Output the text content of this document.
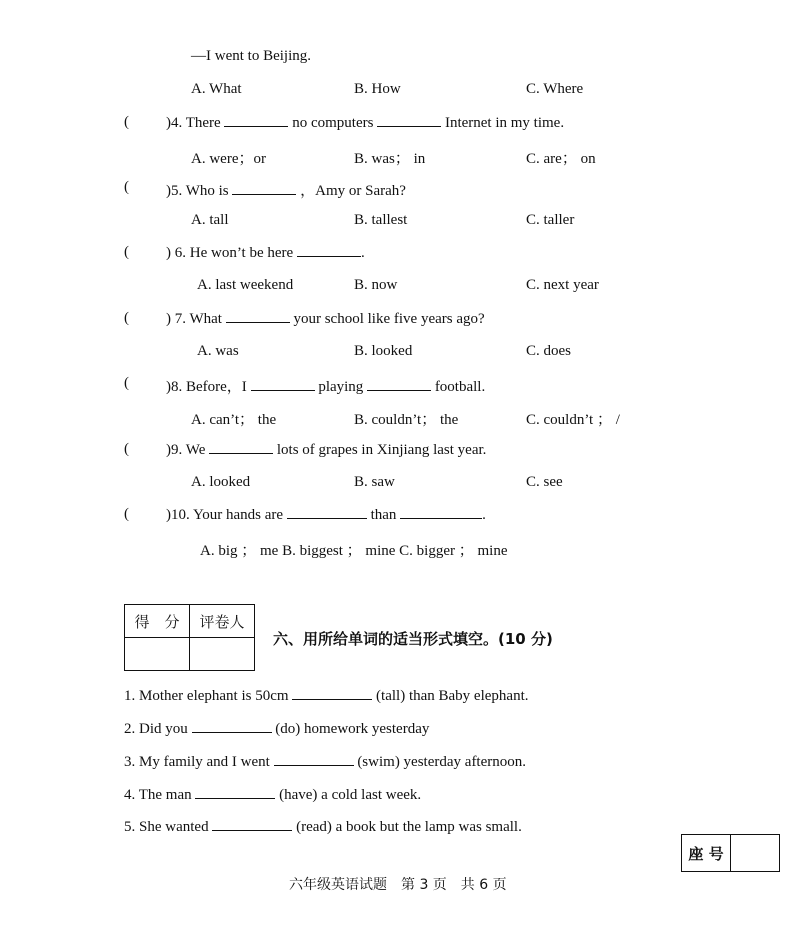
—I went to Beijing.
A. What	B. How	C. Where
( )4. There	no computers	Internet in my time.
A. were；or	B. was； in	C. are； on
( )5. Who is	，Amy or Sarah?
A. tall	B. tallest	C. taller
( ) 6. He won’t be here	.
A. last weekend	B. now	C. next year
( ) 7. What	your school like five years ago?
A. was	B. looked	C. does
( )8. Before，I	playing	football.
A. can’t； the	B. couldn’t； the	C. couldn’t ； /
( )9. We	lots of grapes in Xinjiang last year.
A. looked	B. saw	C. see
( )10. Your hands are	than	.
A. big ； me B. biggest ； mine C. bigger ； mine
得　分	评卷人

六、用所给单词的适当形式填空。(10 分)
1. Mother elephant is 50cm	(tall) than Baby elephant.
2. Did you	(do) homework yesterday
3. My family and I went	(swim) yesterday afternoon.
4. The man	(have) a cold last week.
5. She wanted	(read) a book but the lamp was small.
座 号	
六年级英语试题　第 3 页　共 6 页
